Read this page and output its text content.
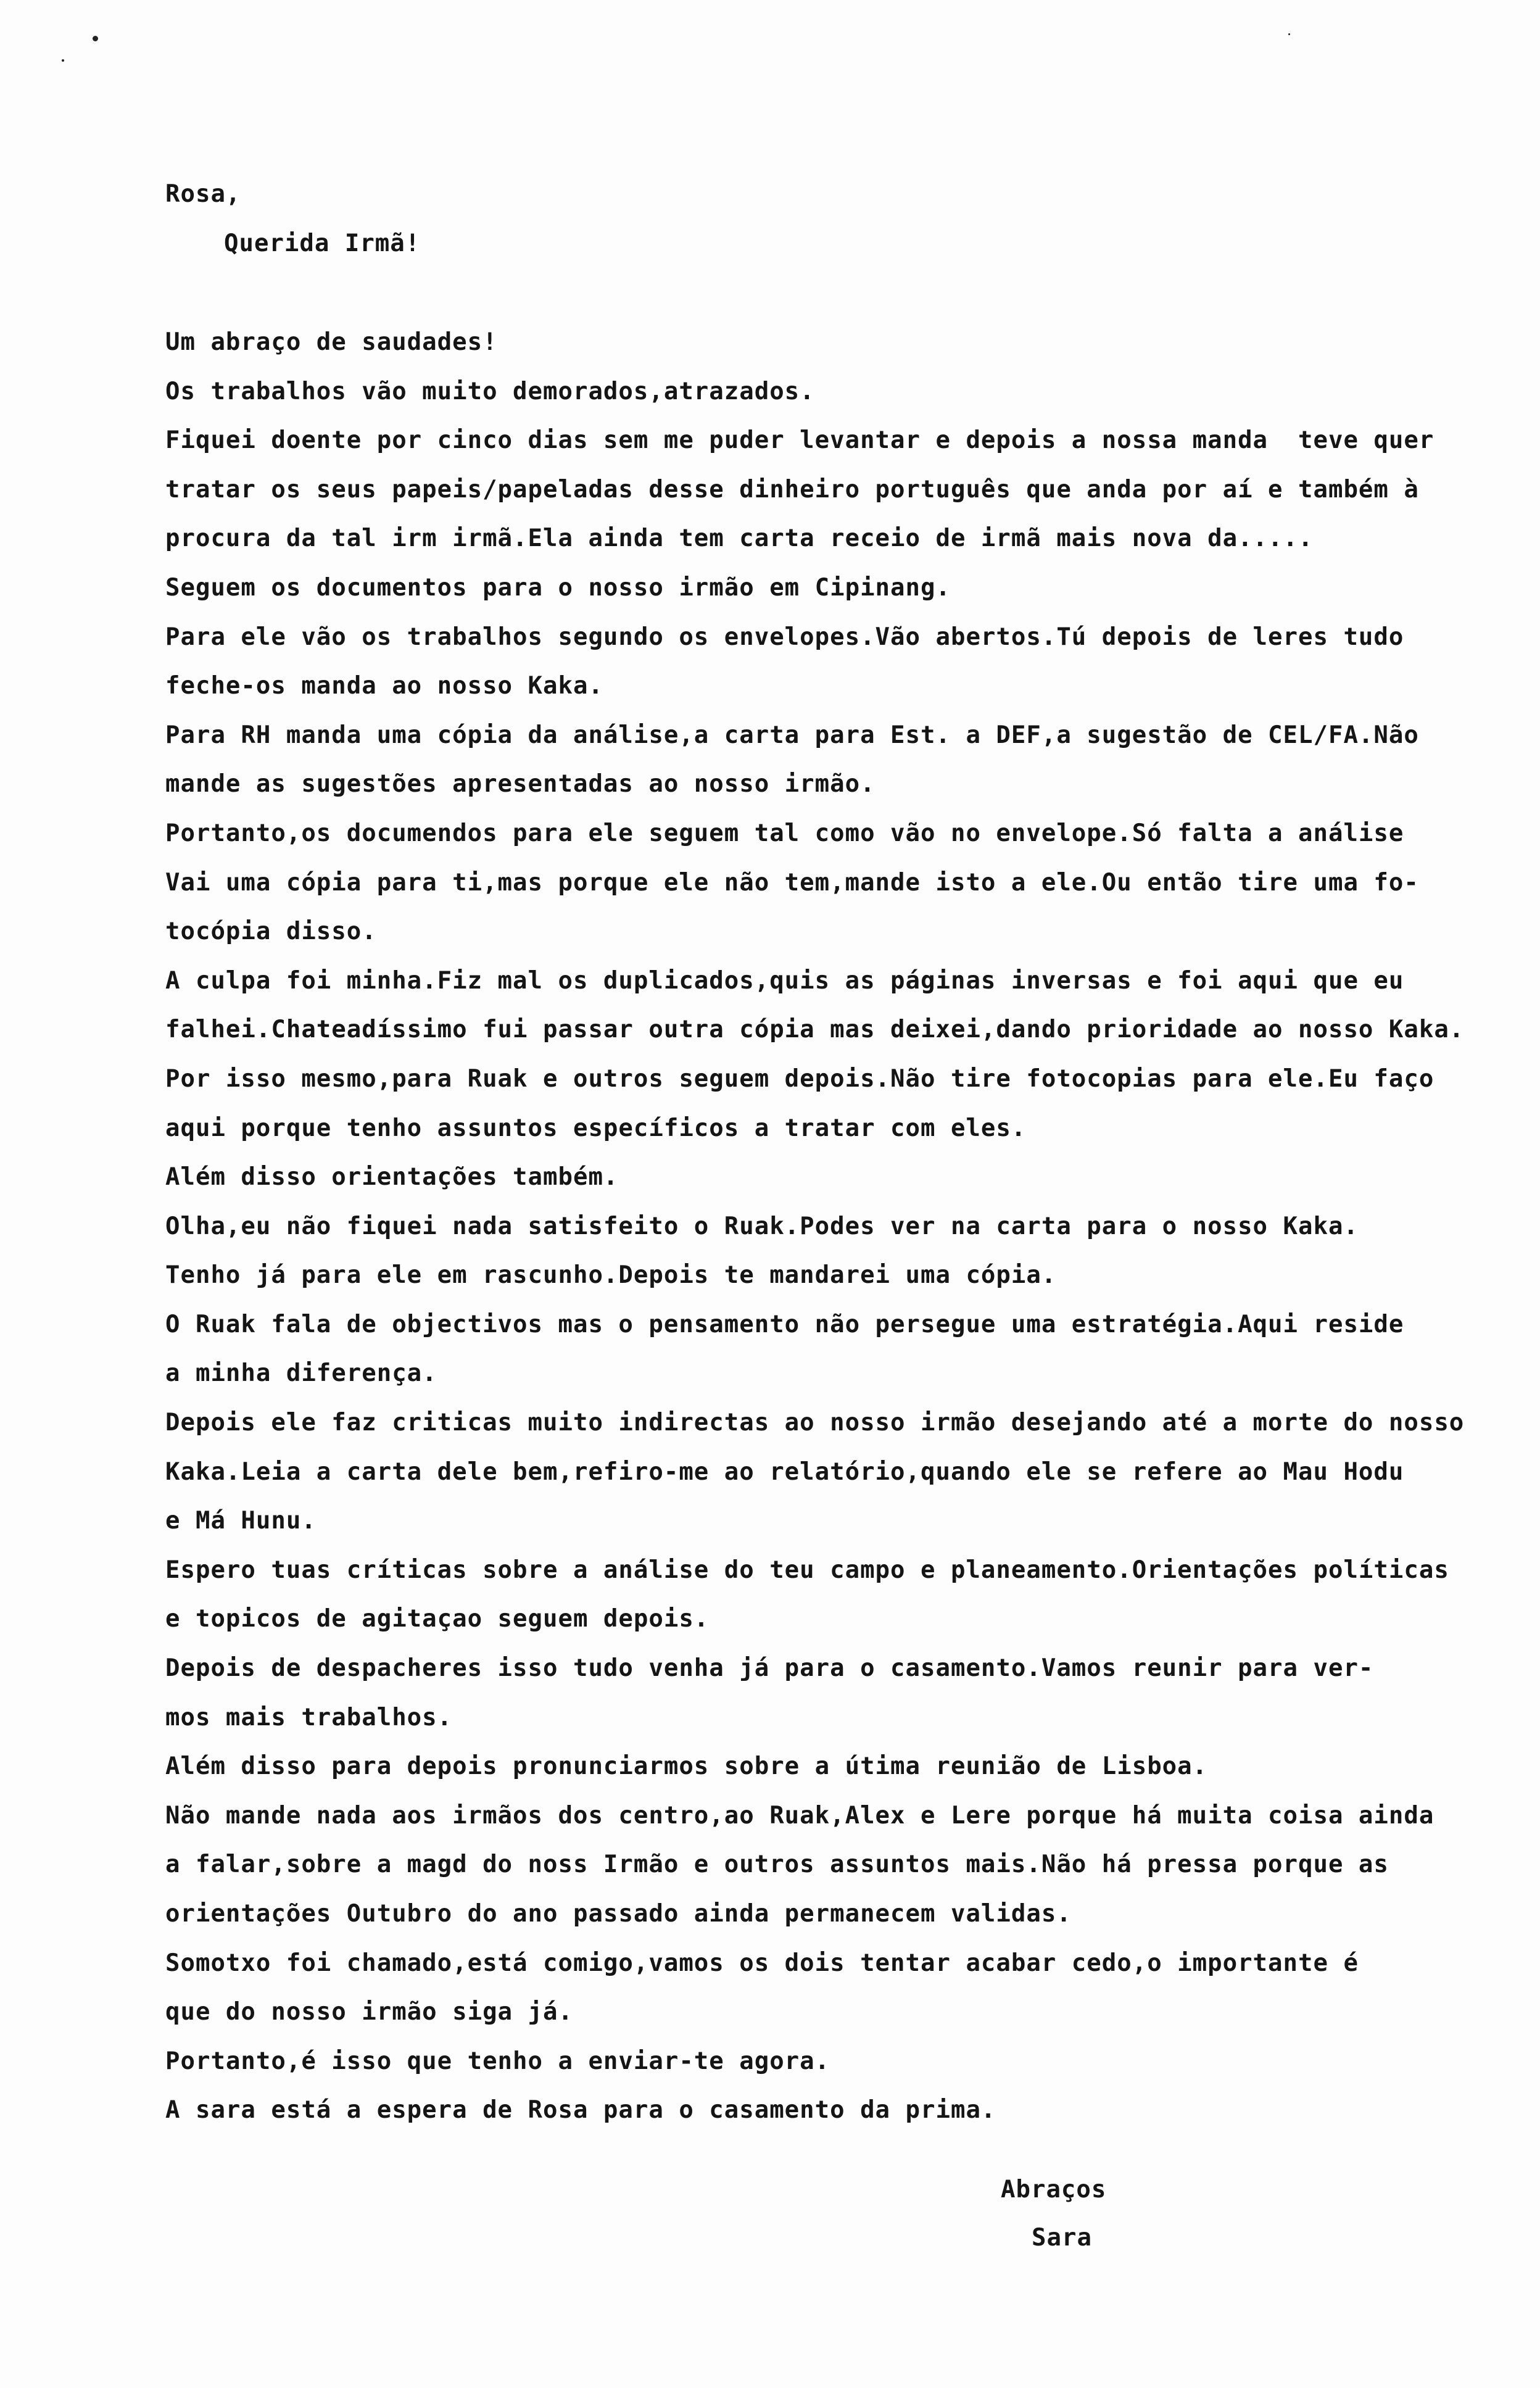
Rosa,
Querida Irmã!
Um abraço de saudades!
Os trabalhos vão muito demorados,atrazados.
Fiquei doente por cinco dias sem me puder levantar e depois a nossa manda  teve quer
tratar os seus papeis/papeladas desse dinheiro português que anda por aí e também à
procura da tal irm irmã.Ela ainda tem carta receio de irmã mais nova da.....
Seguem os documentos para o nosso irmão em Cipinang.
Para ele vão os trabalhos segundo os envelopes.Vão abertos.Tú depois de leres tudo
feche-os manda ao nosso Kaka.
Para RH manda uma cópia da análise,a carta para Est. a DEF,a sugestão de CEL/FA.Não
mande as sugestões apresentadas ao nosso irmão.
Portanto,os documendos para ele seguem tal como vão no envelope.Só falta a análise
Vai uma cópia para ti,mas porque ele não tem,mande isto a ele.Ou então tire uma fo-
tocópia disso.
A culpa foi minha.Fiz mal os duplicados,quis as páginas inversas e foi aqui que eu
falhei.Chateadíssimo fui passar outra cópia mas deixei,dando prioridade ao nosso Kaka.
Por isso mesmo,para Ruak e outros seguem depois.Não tire fotocopias para ele.Eu faço
aqui porque tenho assuntos específicos a tratar com eles.
Além disso orientações também.
Olha,eu não fiquei nada satisfeito o Ruak.Podes ver na carta para o nosso Kaka.
Tenho já para ele em rascunho.Depois te mandarei uma cópia.
O Ruak fala de objectivos mas o pensamento não persegue uma estratégia.Aqui reside
a minha diferença.
Depois ele faz criticas muito indirectas ao nosso irmão desejando até a morte do nosso
Kaka.Leia a carta dele bem,refiro-me ao relatório,quando ele se refere ao Mau Hodu
e Má Hunu.
Espero tuas críticas sobre a análise do teu campo e planeamento.Orientações políticas
e topicos de agitaçao seguem depois.
Depois de despacheres isso tudo venha já para o casamento.Vamos reunir para ver-
mos mais trabalhos.
Além disso para depois pronunciarmos sobre a útima reunião de Lisboa.
Não mande nada aos irmãos dos centro,ao Ruak,Alex e Lere porque há muita coisa ainda
a falar,sobre a magd do noss Irmão e outros assuntos mais.Não há pressa porque as
orientações Outubro do ano passado ainda permanecem validas.
Somotxo foi chamado,está comigo,vamos os dois tentar acabar cedo,o importante é
que do nosso irmão siga já.
Portanto,é isso que tenho a enviar-te agora.
A sara está a espera de Rosa para o casamento da prima.
Abraços
Sara
